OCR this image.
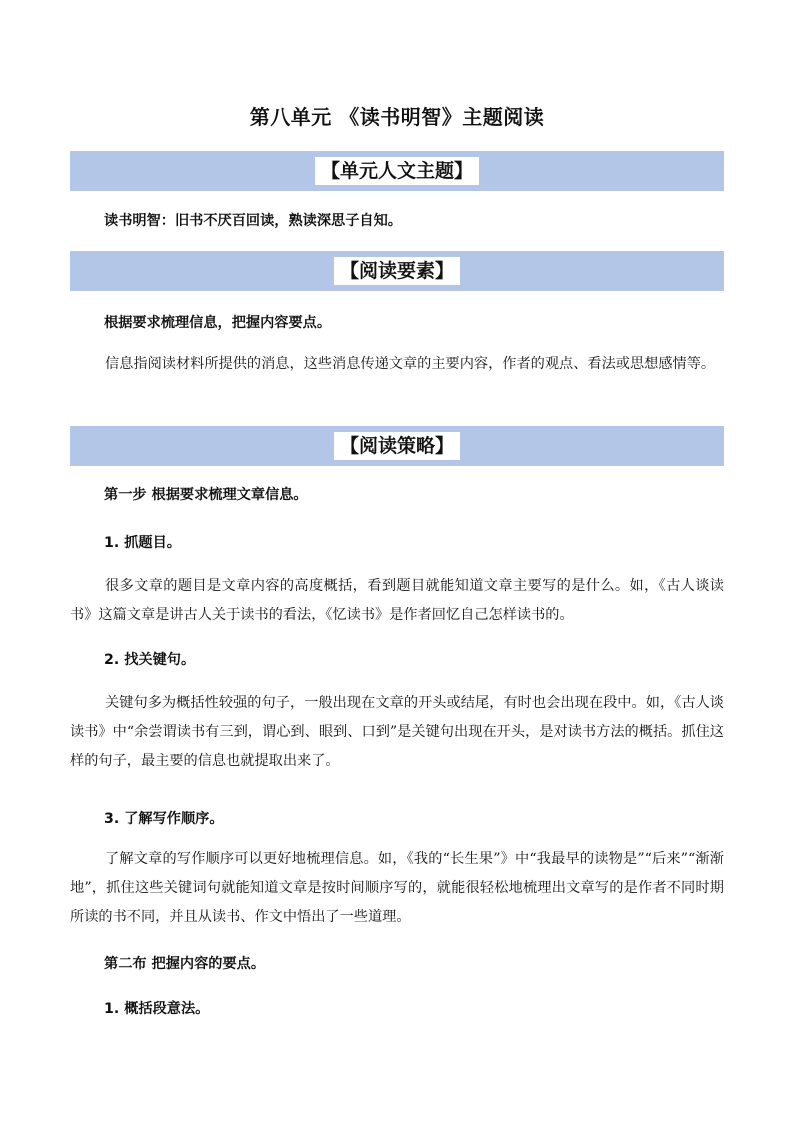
第八单元 《读书明智》主题阅读
【单元人文主题】
读书明智：旧书不厌百回读，熟读深思子自知。
【阅读要素】
根据要求梳理信息，把握内容要点。
信息指阅读材料所提供的消息，这些消息传递文章的主要内容，作者的观点、看法或思想感情等。
【阅读策略】
第一步 根据要求梳理文章信息。
1. 抓题目。
很多文章的题目是文章内容的高度概括，看到题目就能知道文章主要写的是什么。如，《古人谈读书》这篇文章是讲古人关于读书的看法，《忆读书》是作者回忆自己怎样读书的。
2. 找关键句。
关键句多为概括性较强的句子，一般出现在文章的开头或结尾，有时也会出现在段中。如，《古人谈读书》中“余尝谓读书有三到，谓心到、眼到、口到”是关键句出现在开头，是对读书方法的概括。抓住这样的句子，最主要的信息也就提取出来了。
3. 了解写作顺序。
了解文章的写作顺序可以更好地梳理信息。如，《我的“长生果”》中“我最早的读物是”“后来”“渐渐地”，抓住这些关键词句就能知道文章是按时间顺序写的，就能很轻松地梳理出文章写的是作者不同时期所读的书不同，并且从读书、作文中悟出了一些道理。
第二布 把握内容的要点。
1. 概括段意法。
